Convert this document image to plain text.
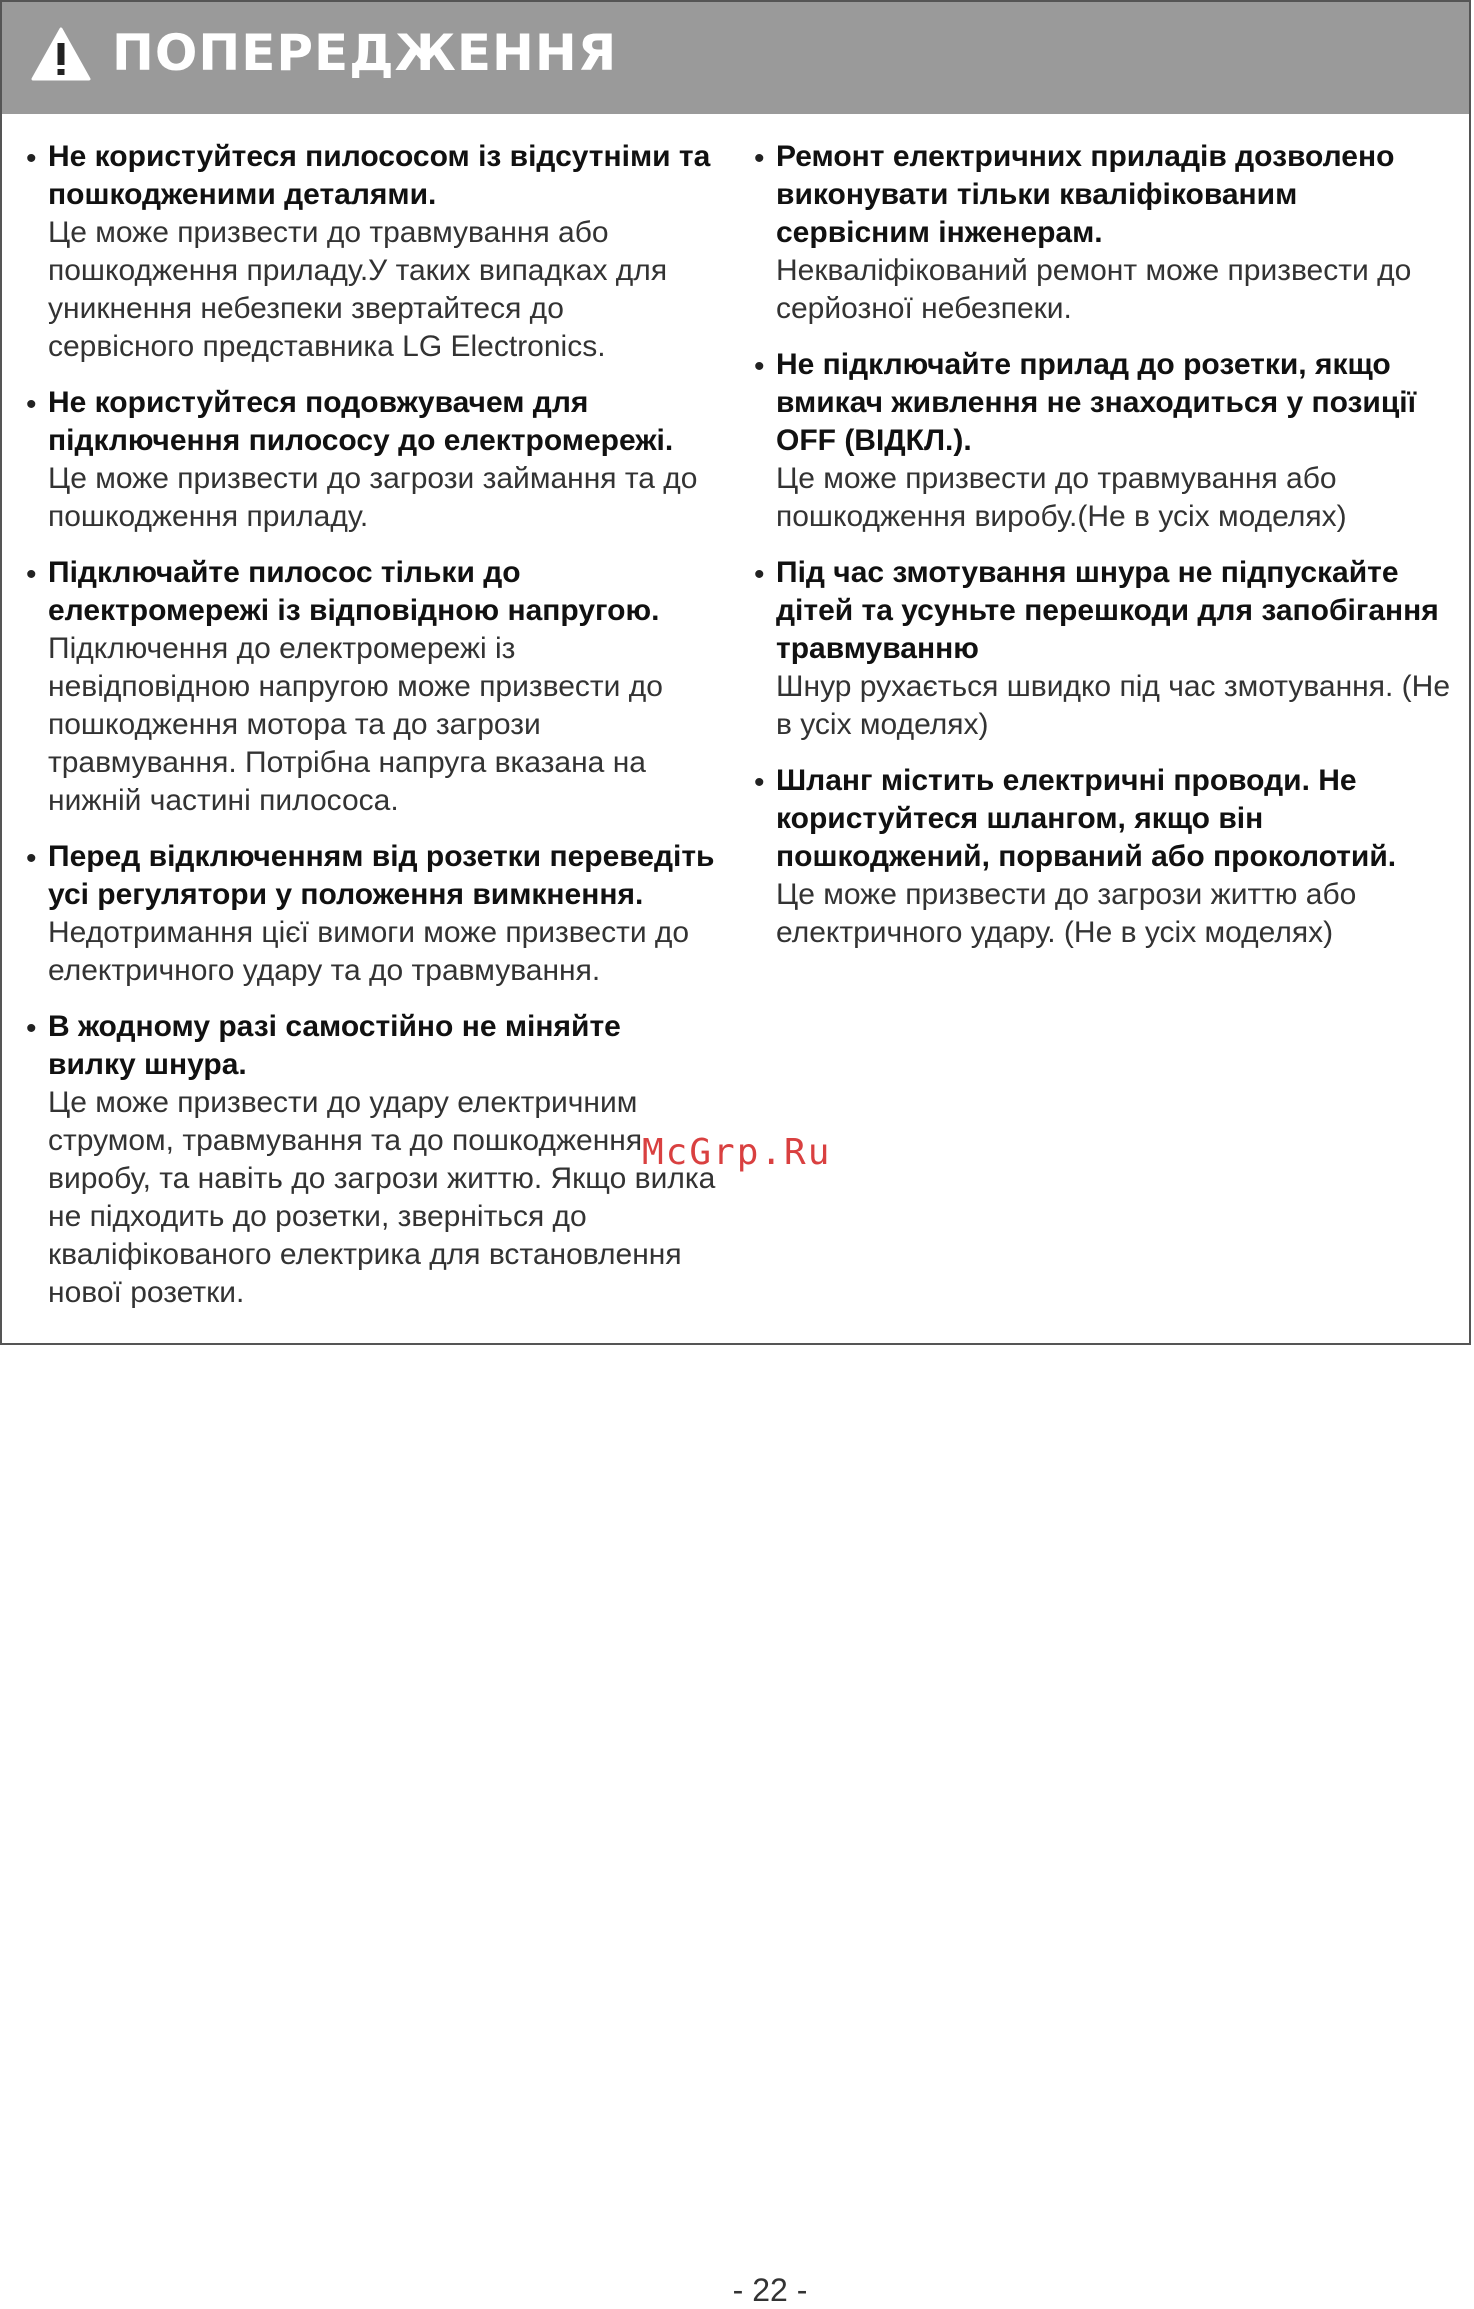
ПОПЕРЕДЖЕННЯ
• Не користуйтеся пилососом із відсутніми та пошкодженими деталями.
Це може призвести до травмування або пошкодження приладу.У таких випадках для уникнення небезпеки звертайтеся до сервісного представника LG Electronics.
• Не користуйтеся подовжувачем для підключення пилососу до електромережі.
Це може призвести до загрози займання та до пошкодження приладу.
• Підключайте пилосос тільки до електромережі із відповідною напругою.
Підключення до електромережі із невідповідною напругою може призвести до пошкодження мотора та до загрози травмування. Потрібна напруга вказана на нижній частині пилососа.
• Перед відключенням від розетки переведіть усі регулятори у положення вимкнення.
Недотримання цієї вимоги може призвести до електричного удару та до травмування.
• В жодному разі самостійно не міняйте вилку шнура.
Це може призвести до удару електричним струмом, травмування та до пошкодження виробу, та навіть до загрози життю. Якщо вилка не підходить до розетки, зверніться до кваліфікованого електрика для встановлення нової розетки.
• Ремонт електричних приладів дозволено виконувати тільки кваліфікованим сервісним інженерам.
Некваліфікований ремонт може призвести до серйозної небезпеки.
• Не підключайте прилад до розетки, якщо вмикач живлення не знаходиться у позиції OFF (ВІДКЛ.).
Це може призвести до травмування або пошкодження виробу.(Не в усіх моделях)
• Під час змотування шнура не підпускайте дітей та усуньте перешкоди для запобігання травмуванню
Шнур рухається швидко під час змотування. (Не в усіх моделях)
• Шланг містить електричні проводи. Не користуйтеся шлангом, якщо він пошкоджений, порваний або проколотий.
Це може призвести до загрози життю або електричного удару. (Не в усіх моделях)
McGrp.Ru
- 22 -
